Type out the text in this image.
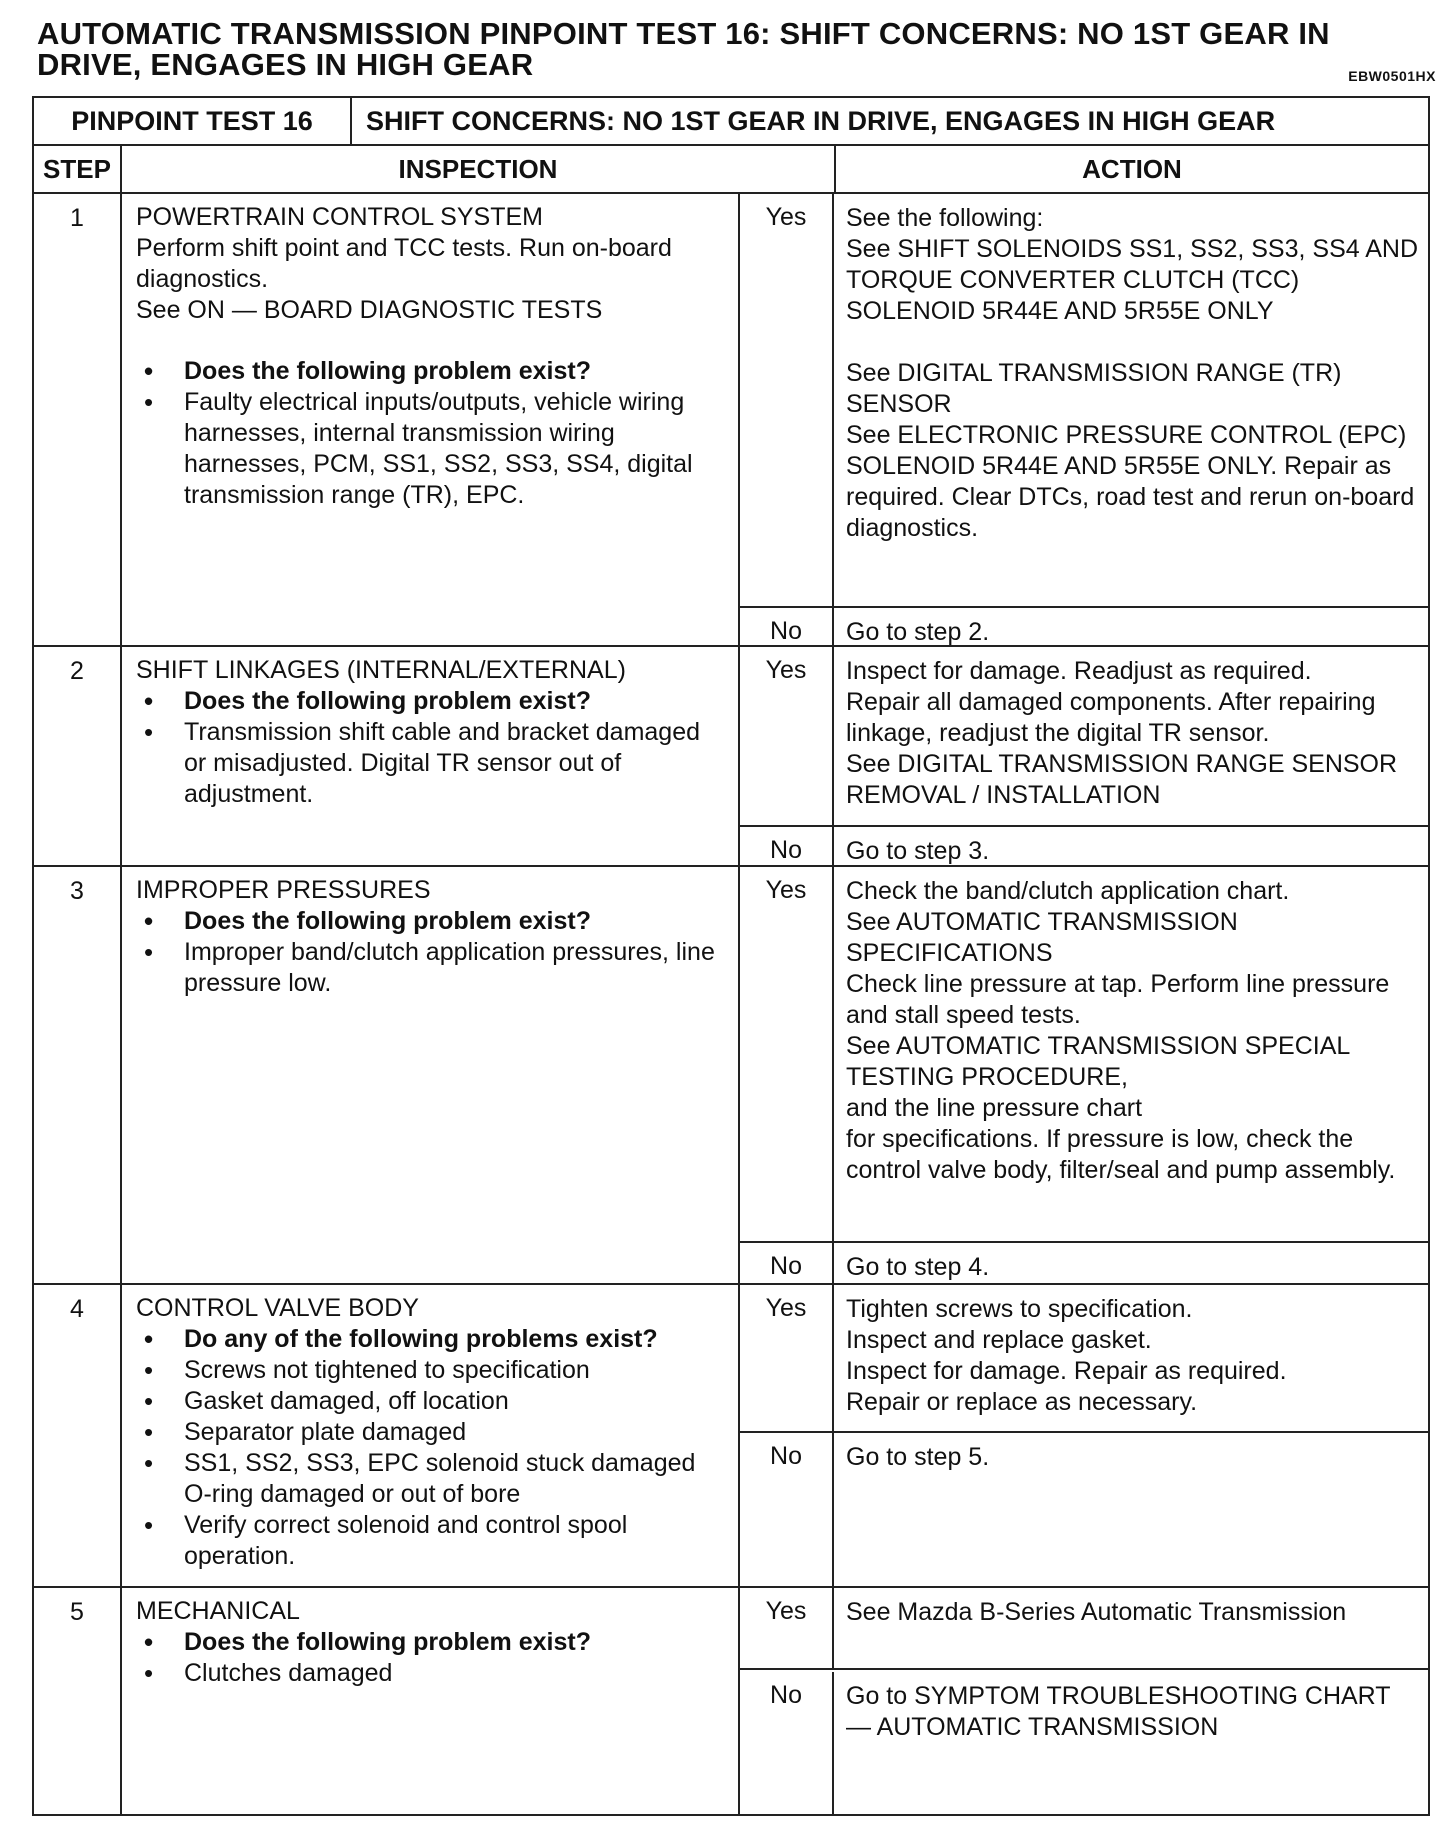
AUTOMATIC TRANSMISSION PINPOINT TEST 16: SHIFT CONCERNS: NO 1ST GEAR IN
DRIVE, ENGAGES IN HIGH GEAR	EBW0501HX
PINPOINT TEST 16	SHIFT CONCERNS: NO 1ST GEAR IN DRIVE, ENGAGES IN HIGH GEAR
STEP	INSPECTION	ACTION
1	POWERTRAIN CONTROL SYSTEM
Perform shift point and TCC tests. Run on-board diagnostics.
See ON — BOARD DIAGNOSTIC TESTS
• Does the following problem exist?
• Faulty electrical inputs/outputs, vehicle wiring harnesses, internal transmission wiring harnesses, PCM, SS1, SS2, SS3, SS4, digital transmission range (TR), EPC.
Yes	See the following:
See SHIFT SOLENOIDS SS1, SS2, SS3, SS4 AND TORQUE CONVERTER CLUTCH (TCC) SOLENOID 5R44E AND 5R55E ONLY

See DIGITAL TRANSMISSION RANGE (TR) SENSOR
See ELECTRONIC PRESSURE CONTROL (EPC) SOLENOID 5R44E AND 5R55E ONLY. Repair as required. Clear DTCs, road test and rerun on-board diagnostics.
No	Go to step 2.
2	SHIFT LINKAGES (INTERNAL/EXTERNAL)
• Does the following problem exist?
• Transmission shift cable and bracket damaged or misadjusted. Digital TR sensor out of adjustment.
Yes	Inspect for damage. Readjust as required.
Repair all damaged components. After repairing linkage, readjust the digital TR sensor.
See DIGITAL TRANSMISSION RANGE SENSOR REMOVAL / INSTALLATION
No	Go to step 3.
3	IMPROPER PRESSURES
• Does the following problem exist?
• Improper band/clutch application pressures, line pressure low.
Yes	Check the band/clutch application chart.
See AUTOMATIC TRANSMISSION SPECIFICATIONS
Check line pressure at tap. Perform line pressure and stall speed tests.
See AUTOMATIC TRANSMISSION SPECIAL TESTING PROCEDURE,
and the line pressure chart
for specifications. If pressure is low, check the control valve body, filter/seal and pump assembly.
No	Go to step 4.
4	CONTROL VALVE BODY
• Do any of the following problems exist?
• Screws not tightened to specification
• Gasket damaged, off location
• Separator plate damaged
• SS1, SS2, SS3, EPC solenoid stuck damaged O-ring damaged or out of bore
• Verify correct solenoid and control spool operation.
Yes	Tighten screws to specification.
Inspect and replace gasket.
Inspect for damage. Repair as required.
Repair or replace as necessary.
No	Go to step 5.
5	MECHANICAL
• Does the following problem exist?
• Clutches damaged
Yes	See Mazda B-Series Automatic Transmission
No	Go to SYMPTOM TROUBLESHOOTING CHART — AUTOMATIC TRANSMISSION
